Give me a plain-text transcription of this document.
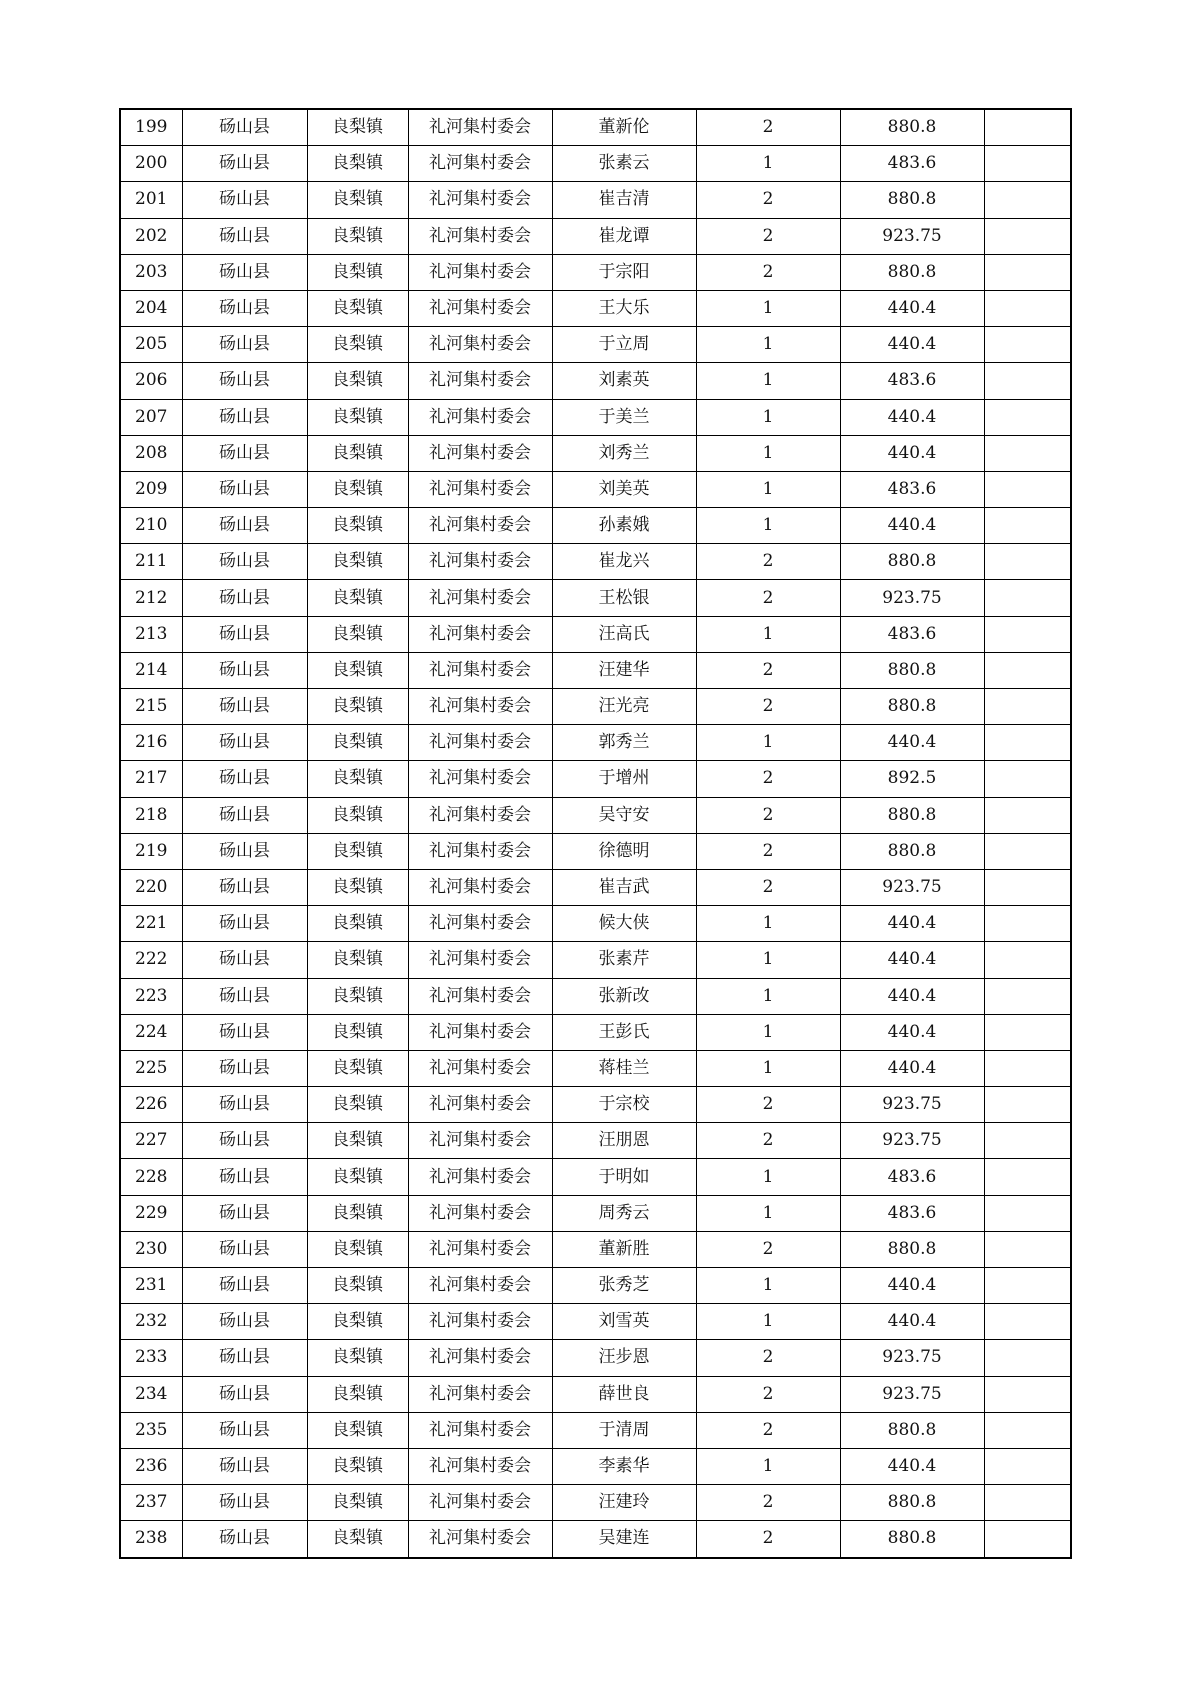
199	砀山县	良梨镇	礼河集村委会	董新伦	2	880.8	
200	砀山县	良梨镇	礼河集村委会	张素云	1	483.6	
201	砀山县	良梨镇	礼河集村委会	崔吉清	2	880.8	
202	砀山县	良梨镇	礼河集村委会	崔龙谭	2	923.75	
203	砀山县	良梨镇	礼河集村委会	于宗阳	2	880.8	
204	砀山县	良梨镇	礼河集村委会	王大乐	1	440.4	
205	砀山县	良梨镇	礼河集村委会	于立周	1	440.4	
206	砀山县	良梨镇	礼河集村委会	刘素英	1	483.6	
207	砀山县	良梨镇	礼河集村委会	于美兰	1	440.4	
208	砀山县	良梨镇	礼河集村委会	刘秀兰	1	440.4	
209	砀山县	良梨镇	礼河集村委会	刘美英	1	483.6	
210	砀山县	良梨镇	礼河集村委会	孙素娥	1	440.4	
211	砀山县	良梨镇	礼河集村委会	崔龙兴	2	880.8	
212	砀山县	良梨镇	礼河集村委会	王松银	2	923.75	
213	砀山县	良梨镇	礼河集村委会	汪高氏	1	483.6	
214	砀山县	良梨镇	礼河集村委会	汪建华	2	880.8	
215	砀山县	良梨镇	礼河集村委会	汪光亮	2	880.8	
216	砀山县	良梨镇	礼河集村委会	郭秀兰	1	440.4	
217	砀山县	良梨镇	礼河集村委会	于增州	2	892.5	
218	砀山县	良梨镇	礼河集村委会	吴守安	2	880.8	
219	砀山县	良梨镇	礼河集村委会	徐德明	2	880.8	
220	砀山县	良梨镇	礼河集村委会	崔吉武	2	923.75	
221	砀山县	良梨镇	礼河集村委会	候大侠	1	440.4	
222	砀山县	良梨镇	礼河集村委会	张素芹	1	440.4	
223	砀山县	良梨镇	礼河集村委会	张新改	1	440.4	
224	砀山县	良梨镇	礼河集村委会	王彭氏	1	440.4	
225	砀山县	良梨镇	礼河集村委会	蒋桂兰	1	440.4	
226	砀山县	良梨镇	礼河集村委会	于宗校	2	923.75	
227	砀山县	良梨镇	礼河集村委会	汪朋恩	2	923.75	
228	砀山县	良梨镇	礼河集村委会	于明如	1	483.6	
229	砀山县	良梨镇	礼河集村委会	周秀云	1	483.6	
230	砀山县	良梨镇	礼河集村委会	董新胜	2	880.8	
231	砀山县	良梨镇	礼河集村委会	张秀芝	1	440.4	
232	砀山县	良梨镇	礼河集村委会	刘雪英	1	440.4	
233	砀山县	良梨镇	礼河集村委会	汪步恩	2	923.75	
234	砀山县	良梨镇	礼河集村委会	薛世良	2	923.75	
235	砀山县	良梨镇	礼河集村委会	于清周	2	880.8	
236	砀山县	良梨镇	礼河集村委会	李素华	1	440.4	
237	砀山县	良梨镇	礼河集村委会	汪建玲	2	880.8	
238	砀山县	良梨镇	礼河集村委会	吴建连	2	880.8	
